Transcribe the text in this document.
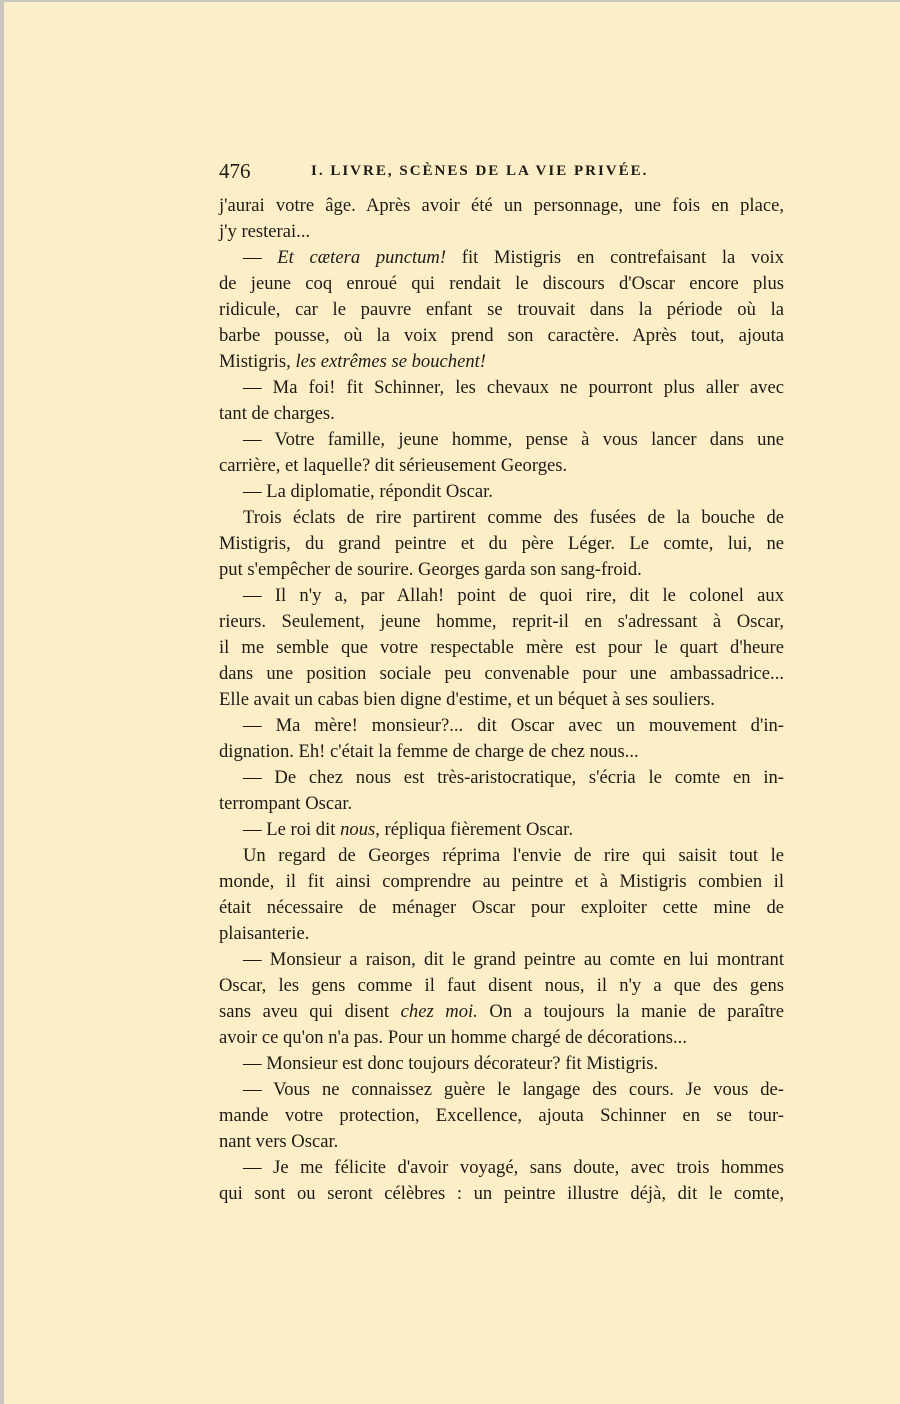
476	I. LIVRE, SCÈNES DE LA VIE PRIVÉE.
j'aurai votre âge. Après avoir été un personnage, une fois en place,
j'y resterai...
— Et cætera punctum! fit Mistigris en contrefaisant la voix
de jeune coq enroué qui rendait le discours d'Oscar encore plus
ridicule, car le pauvre enfant se trouvait dans la période où la
barbe pousse, où la voix prend son caractère. Après tout, ajouta
Mistigris, les extrêmes se bouchent!
— Ma foi! fit Schinner, les chevaux ne pourront plus aller avec
tant de charges.
— Votre famille, jeune homme, pense à vous lancer dans une
carrière, et laquelle? dit sérieusement Georges.
— La diplomatie, répondit Oscar.
Trois éclats de rire partirent comme des fusées de la bouche de
Mistigris, du grand peintre et du père Léger. Le comte, lui, ne
put s'empêcher de sourire. Georges garda son sang-froid.
— Il n'y a, par Allah! point de quoi rire, dit le colonel aux
rieurs. Seulement, jeune homme, reprit-il en s'adressant à Oscar,
il me semble que votre respectable mère est pour le quart d'heure
dans une position sociale peu convenable pour une ambassadrice...
Elle avait un cabas bien digne d'estime, et un béquet à ses souliers.
— Ma mère! monsieur?... dit Oscar avec un mouvement d'in-
dignation. Eh! c'était la femme de charge de chez nous...
— De chez nous est très-aristocratique, s'écria le comte en in-
terrompant Oscar.
— Le roi dit nous, répliqua fièrement Oscar.
Un regard de Georges réprima l'envie de rire qui saisit tout le
monde, il fit ainsi comprendre au peintre et à Mistigris combien il
était nécessaire de ménager Oscar pour exploiter cette mine de
plaisanterie.
— Monsieur a raison, dit le grand peintre au comte en lui montrant
Oscar, les gens comme il faut disent nous, il n'y a que des gens
sans aveu qui disent chez moi. On a toujours la manie de paraître
avoir ce qu'on n'a pas. Pour un homme chargé de décorations...
— Monsieur est donc toujours décorateur? fit Mistigris.
— Vous ne connaissez guère le langage des cours. Je vous de-
mande votre protection, Excellence, ajouta Schinner en se tour-
nant vers Oscar.
— Je me félicite d'avoir voyagé, sans doute, avec trois hommes
qui sont ou seront célèbres : un peintre illustre déjà, dit le comte,
